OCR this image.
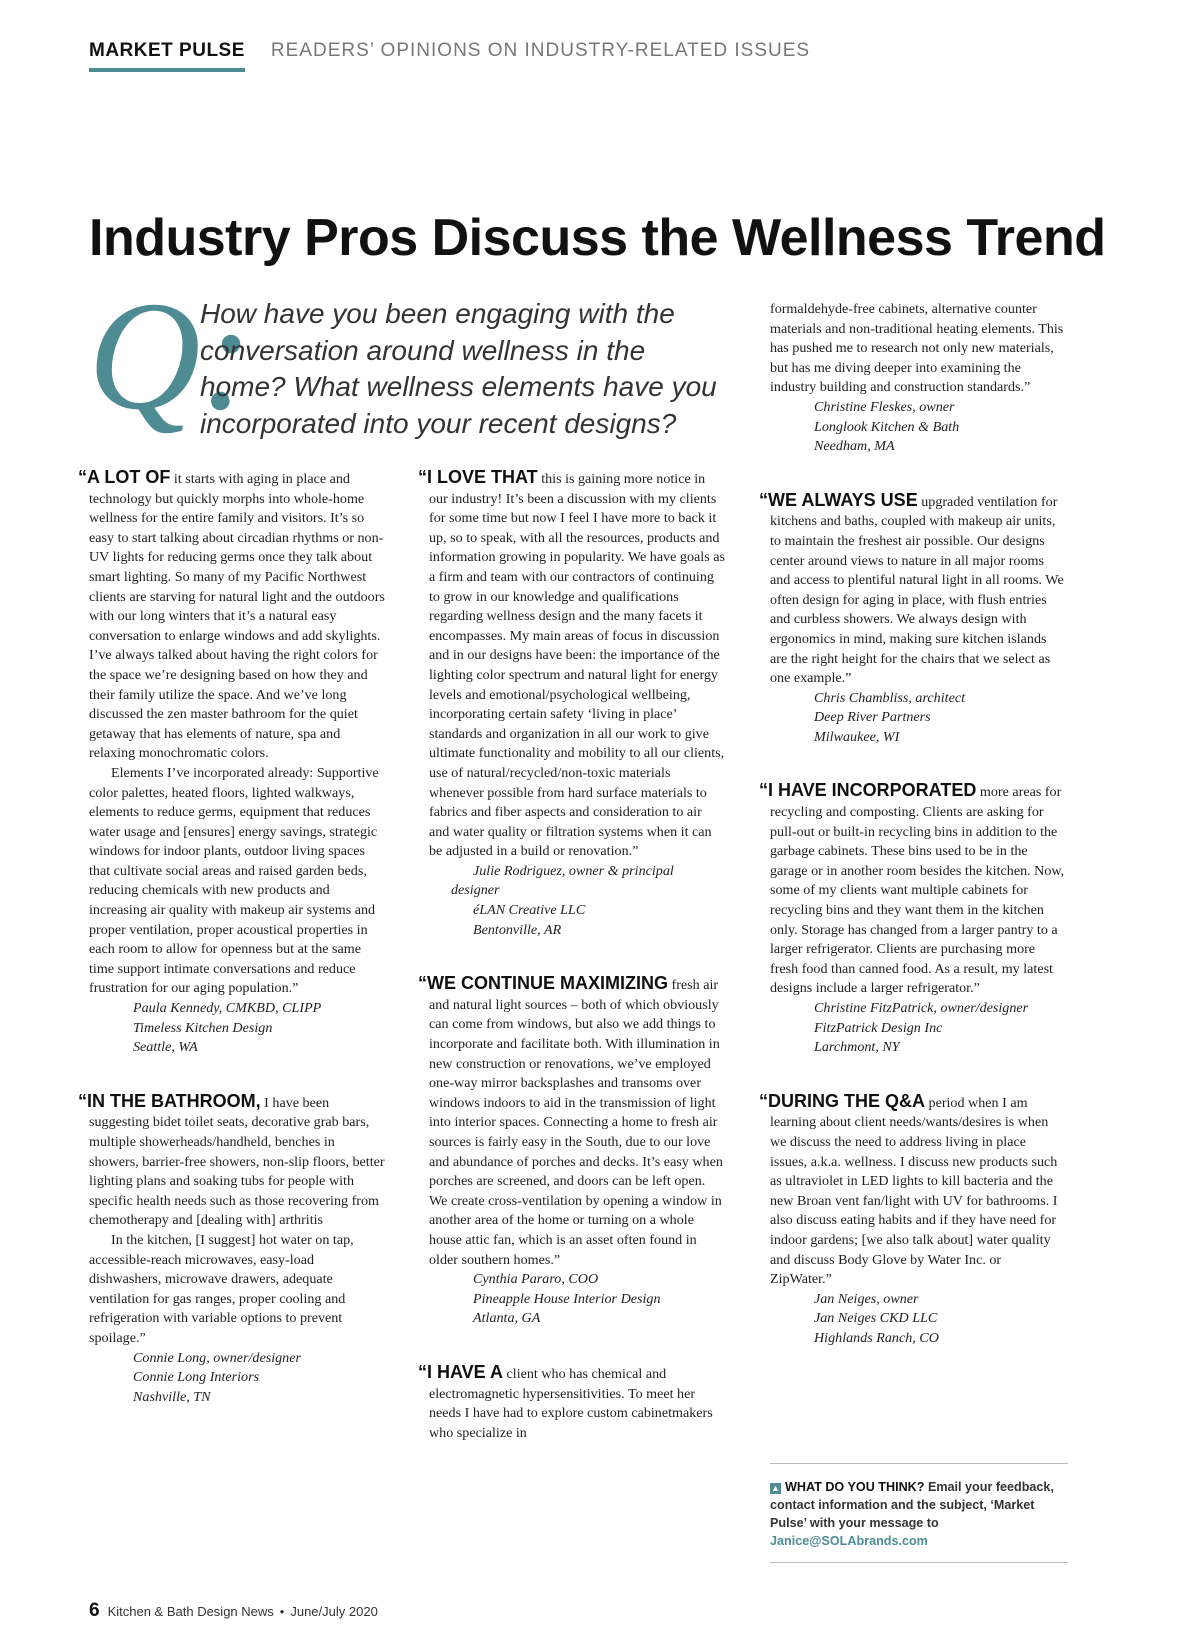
MARKET PULSE READERS’ OPINIONS ON INDUSTRY-RELATED ISSUES
Industry Pros Discuss the Wellness Trend
Q:

How have you been engaging with the conversation around wellness in the home? What wellness elements have you incorporated into your recent designs?

“A LOT OF it starts with aging in place and technology but quickly morphs into whole-home wellness for the entire family and visitors. It’s so easy to start talking about circadian rhythms or non-UV lights for reducing germs once they talk about smart lighting. So many of my Pacific Northwest clients are starving for natural light and the outdoors with our long winters that it’s a natural easy conversation to enlarge windows and add skylights. I’ve always talked about having the right colors for the space we’re designing based on how they and their family utilize the space. And we’ve long discussed the zen master bathroom for the quiet getaway that has elements of nature, spa and relaxing monochromatic colors.

Elements I’ve incorporated already: Supportive color palettes, heated floors, lighted walkways, elements to reduce germs, equipment that reduces water usage and [ensures] energy savings, strategic windows for indoor plants, outdoor living spaces that cultivate social areas and raised garden beds, reducing chemicals with new products and increasing air quality with makeup air systems and proper ventilation, proper acoustical properties in each room to allow for openness but at the same time support intimate conversations and reduce frustration for our aging population.”

Paula Kennedy, CMKBD, CLIPP

Timeless Kitchen Design

Seattle, WA

“IN THE BATHROOM, I have been suggesting bidet toilet seats, decorative grab bars, multiple showerheads/handheld, benches in showers, barrier-free showers, non-slip floors, better lighting plans and soaking tubs for people with specific health needs such as those recovering from chemotherapy and [dealing with] arthritis

In the kitchen, [I suggest] hot water on tap, accessible-reach microwaves, easy-load dishwashers, microwave drawers, adequate ventilation for gas ranges, proper cooling and refrigeration with variable options to prevent spoilage.”

Connie Long, owner/designer

Connie Long Interiors

Nashville, TN

“I LOVE THAT this is gaining more notice in our industry! It’s been a discussion with my clients for some time but now I feel I have more to back it up, so to speak, with all the resources, products and information growing in popularity. We have goals as a firm and team with our contractors of continuing to grow in our knowledge and qualifications regarding wellness design and the many facets it encompasses. My main areas of focus in discussion and in our designs have been: the importance of the lighting color spectrum and natural light for energy levels and emotional/psychological wellbeing, incorporating certain safety ‘living in place’ standards and organization in all our work to give ultimate functionality and mobility to all our clients, use of natural/recycled/non-toxic materials whenever possible from hard surface materials to fabrics and fiber aspects and consideration to air and water quality or filtration systems when it can be adjusted in a build or renovation.”

Julie Rodriguez, owner & principal designer

éLAN Creative LLC

Bentonville, AR

“WE CONTINUE MAXIMIZING fresh air and natural light sources – both of which obviously can come from windows, but also we add things to incorporate and facilitate both. With illumination in new construction or renovations, we’ve employed one-way mirror backsplashes and transoms over windows indoors to aid in the transmission of light into interior spaces. Connecting a home to fresh air sources is fairly easy in the South, due to our love and abundance of porches and decks. It’s easy when porches are screened, and doors can be left open. We create cross-ventilation by opening a window in another area of the home or turning on a whole house attic fan, which is an asset often found in older southern homes.”

Cynthia Pararo, COO

Pineapple House Interior Design

Atlanta, GA

“I HAVE A client who has chemical and electromagnetic hypersensitivities. To meet her needs I have had to explore custom cabinetmakers who specialize in

formaldehyde-free cabinets, alternative counter materials and non-traditional heating elements. This has pushed me to research not only new materials, but has me diving deeper into examining the industry building and construction standards.”

Christine Fleskes, owner

Longlook Kitchen & Bath

Needham, MA

“WE ALWAYS USE upgraded ventilation for kitchens and baths, coupled with makeup air units, to maintain the freshest air possible. Our designs center around views to nature in all major rooms and access to plentiful natural light in all rooms. We often design for aging in place, with flush entries and curbless showers. We always design with ergonomics in mind, making sure kitchen islands are the right height for the chairs that we select as one example.”

Chris Chambliss, architect

Deep River Partners

Milwaukee, WI

“I HAVE INCORPORATED more areas for recycling and composting. Clients are asking for pull-out or built-in recycling bins in addition to the garbage cabinets. These bins used to be in the garage or in another room besides the kitchen. Now, some of my clients want multiple cabinets for recycling bins and they want them in the kitchen only. Storage has changed from a larger pantry to a larger refrigerator. Clients are purchasing more fresh food than canned food. As a result, my latest designs include a larger refrigerator.”

Christine FitzPatrick, owner/designer

FitzPatrick Design Inc

Larchmont, NY

“DURING THE Q&A period when I am learning about client needs/wants/desires is when we discuss the need to address living in place issues, a.k.a. wellness. I discuss new products such as ultraviolet in LED lights to kill bacteria and the new Broan vent fan/light with UV for bathrooms. I also discuss eating habits and if they have need for indoor gardens; [we also talk about] water quality and discuss Body Glove by Water Inc. or ZipWater.”

Jan Neiges, owner

Jan Neiges CKD LLC

Highlands Ranch, CO

▲ WHAT DO YOU THINK? Email your feedback, contact information and the subject, ‘Market Pulse’ with your message to Janice@SOLAbrands.com
6 Kitchen & Bath Design News • June/July 2020
